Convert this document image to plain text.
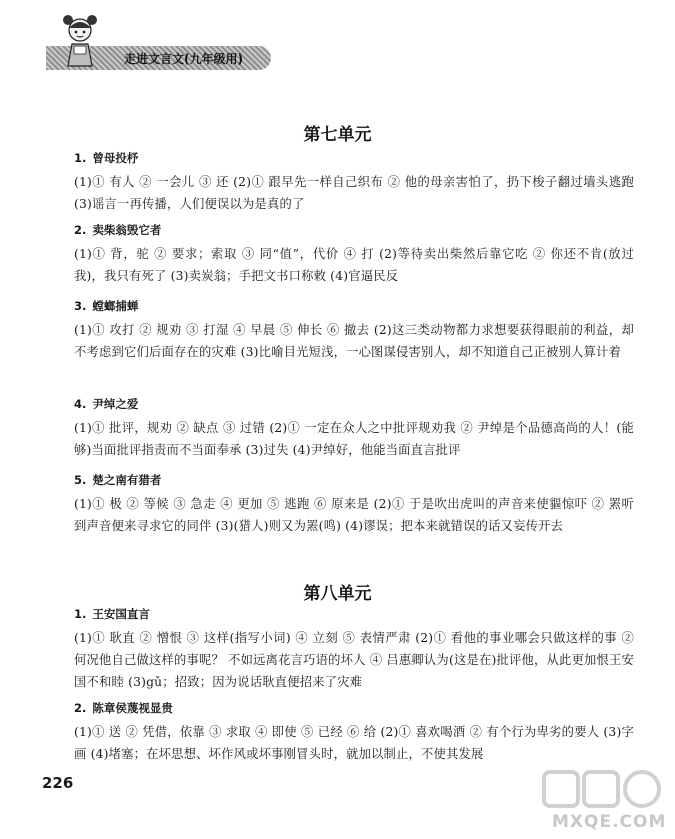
走进文言文(九年级用)
第七单元
1. 曾母投杼

(1)① 有人 ② 一会儿 ③ 还 (2)① 跟早先一样自己织布 ② 他的母亲害怕了，扔下梭子翻过墙头逃跑 (3)谣言一再传播，人们便误以为是真的了

2. 卖柴翁毁它者

(1)① 背，驼 ② 要求；索取 ③ 同“值”，代价 ④ 打 (2)等待卖出柴然后靠它吃 ② 你还不肯(放过我)，我只有死了 (3)卖炭翁；手把文书口称敕 (4)官逼民反

3. 螳螂捕蝉

(1)① 攻打 ② 规劝 ③ 打湿 ④ 早晨 ⑤ 伸长 ⑥ 撤去 (2)这三类动物都力求想要获得眼前的利益，却不考虑到它们后面存在的灾难 (3)比喻目光短浅，一心图谋侵害别人，却不知道自己正被别人算计着

4. 尹绰之爱

(1)① 批评，规劝 ② 缺点 ③ 过错 (2)① 一定在众人之中批评规劝我 ② 尹绰是个品德高尚的人！(能够)当面批评指责而不当面奉承 (3)过失 (4)尹绰好，他能当面直言批评

5. 楚之南有猎者

(1)① 极 ② 等候 ③ 急走 ④ 更加 ⑤ 逃跑 ⑥ 原来是 (2)① 于是吹出虎叫的声音来使貙惊吓 ② 罴听到声音便来寻求它的同伴 (3)(猎人)则又为罴(鸣) (4)谬误；把本来就错误的话又妄传开去

第八单元
1. 王安国直言

(1)① 耿直 ② 憎恨 ③ 这样(指写小词) ④ 立刻 ⑤ 表情严肃 (2)① 看他的事业哪会只做这样的事 ② 何况他自己做这样的事呢？ 不如远离花言巧语的坏人 ④ 吕惠卿认为(这是在)批评他，从此更加恨王安国不和睦 (3)gǔ；招致；因为说话耿直便招来了灾难

2. 陈章侯蔑视显贵

(1)① 送 ② 凭借，依靠 ③ 求取 ④ 即使 ⑤ 已经 ⑥ 给 (2)① 喜欢喝酒 ② 有个行为卑劣的要人 (3)字画 (4)堵塞；在坏思想、坏作风或坏事刚冒头时，就加以制止，不使其发展

226
MXQE.COM
